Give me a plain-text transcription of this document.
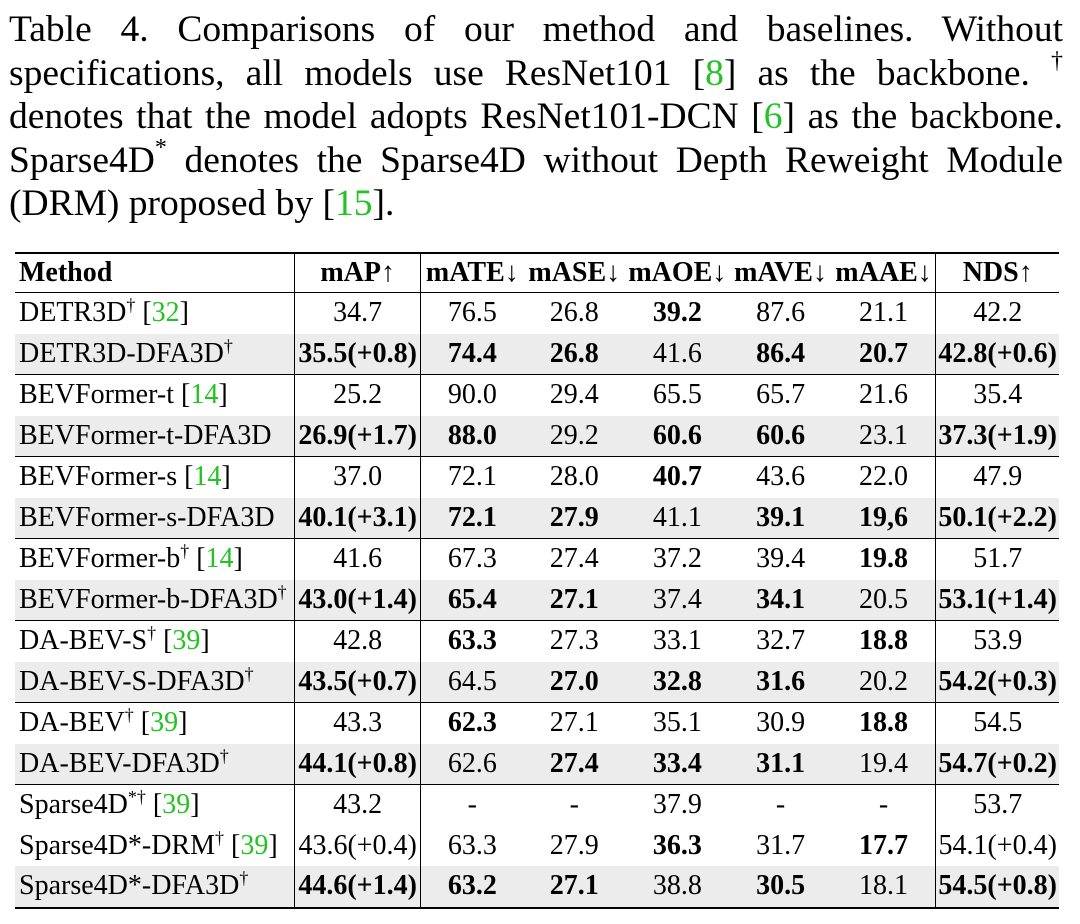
Table 4. Comparisons of our method and baselines. Without specifications, all models use ResNet101 [8] as the backbone. † denotes that the model adopts ResNet101-DCN [6] as the backbone. Sparse4D* denotes the Sparse4D without Depth Reweight Module (DRM) proposed by [15].

Method	mAP↑	mATE↓	mASE↓	mAOE↓	mAVE↓	mAAE↓	NDS↑
DETR3D† [32]	34.7	76.5	26.8	39.2	87.6	21.1	42.2
DETR3D-DFA3D†	35.5(+0.8)	74.4	26.8	41.6	86.4	20.7	42.8(+0.6)
BEVFormer-t [14]	25.2	90.0	29.4	65.5	65.7	21.6	35.4
BEVFormer-t-DFA3D	26.9(+1.7)	88.0	29.2	60.6	60.6	23.1	37.3(+1.9)
BEVFormer-s [14]	37.0	72.1	28.0	40.7	43.6	22.0	47.9
BEVFormer-s-DFA3D	40.1(+3.1)	72.1	27.9	41.1	39.1	19,6	50.1(+2.2)
BEVFormer-b† [14]	41.6	67.3	27.4	37.2	39.4	19.8	51.7
BEVFormer-b-DFA3D†	43.0(+1.4)	65.4	27.1	37.4	34.1	20.5	53.1(+1.4)
DA-BEV-S† [39]	42.8	63.3	27.3	33.1	32.7	18.8	53.9
DA-BEV-S-DFA3D†	43.5(+0.7)	64.5	27.0	32.8	31.6	20.2	54.2(+0.3)
DA-BEV† [39]	43.3	62.3	27.1	35.1	30.9	18.8	54.5
DA-BEV-DFA3D†	44.1(+0.8)	62.6	27.4	33.4	31.1	19.4	54.7(+0.2)
Sparse4D*† [39]	43.2	-	-	37.9	-	-	53.7
Sparse4D*-DRM† [39]	43.6(+0.4)	63.3	27.9	36.3	31.7	17.7	54.1(+0.4)
Sparse4D*-DFA3D†	44.6(+1.4)	63.2	27.1	38.8	30.5	18.1	54.5(+0.8)
